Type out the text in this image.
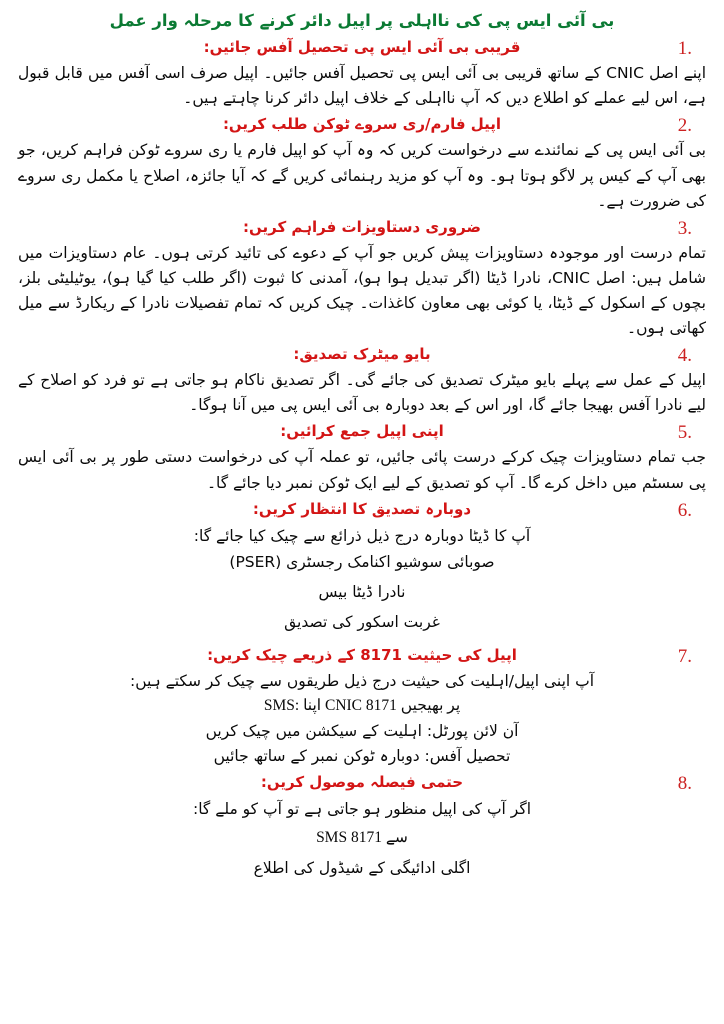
بی آئی ایس پی کی نااہلی پر اپیل دائر کرنے کا مرحلہ وار عمل
1.
قریبی بی آئی ایس پی تحصیل آفس جائیں:

اپنے اصل CNIC کے ساتھ قریبی بی آئی ایس پی تحصیل آفس جائیں۔ اپیل صرف اسی آفس میں قابل قبول ہے، اس لیے عملے کو اطلاع دیں کہ آپ نااہلی کے خلاف اپیل دائر کرنا چاہتے ہیں۔

2.
اپیل فارم/ری سروے ٹوکن طلب کریں:

بی آئی ایس پی کے نمائندے سے درخواست کریں کہ وہ آپ کو اپیل فارم یا ری سروے ٹوکن فراہم کریں، جو بھی آپ کے کیس پر لاگو ہوتا ہو۔ وہ آپ کو مزید رہنمائی کریں گے کہ آیا جائزہ، اصلاح یا مکمل ری سروے کی ضرورت ہے۔

3.
ضروری دستاویزات فراہم کریں:

تمام درست اور موجودہ دستاویزات پیش کریں جو آپ کے دعوے کی تائید کرتی ہوں۔ عام دستاویزات میں شامل ہیں: اصل CNIC، نادرا ڈیٹا (اگر تبدیل ہوا ہو)، آمدنی کا ثبوت (اگر طلب کیا گیا ہو)، یوٹیلیٹی بلز، بچوں کے اسکول کے ڈیٹا، یا کوئی بھی معاون کاغذات۔ چیک کریں کہ تمام تفصیلات نادرا کے ریکارڈ سے میل کھاتی ہوں۔

4.
بایو میٹرک تصدیق:

اپیل کے عمل سے پہلے بایو میٹرک تصدیق کی جائے گی۔ اگر تصدیق ناکام ہو جاتی ہے تو فرد کو اصلاح کے لیے نادرا آفس بھیجا جائے گا، اور اس کے بعد دوبارہ بی آئی ایس پی میں آنا ہوگا۔

5.
اپنی اپیل جمع کرائیں:

جب تمام دستاویزات چیک کرکے درست پائی جائیں، تو عملہ آپ کی درخواست دستی طور پر بی آئی ایس پی سسٹم میں داخل کرے گا۔ آپ کو تصدیق کے لیے ایک ٹوکن نمبر دیا جائے گا۔

6.
دوبارہ تصدیق کا انتظار کریں:
آپ کا ڈیٹا دوبارہ درج ذیل ذرائع سے چیک کیا جائے گا:
صوبائی سوشیو اکنامک رجسٹری (PSER)
نادرا ڈیٹا بیس
غربت اسکور کی تصدیق
7.
اپیل کی حیثیت 8171 کے ذریعے چیک کریں:
آپ اپنی اپیل/اہلیت کی حیثیت درج ذیل طریقوں سے چیک کر سکتے ہیں:
SMS: اپنا CNIC 8171 پر بھیجیں
آن لائن پورٹل: اہلیت کے سیکشن میں چیک کریں
تحصیل آفس: دوبارہ ٹوکن نمبر کے ساتھ جائیں
8.
حتمی فیصلہ موصول کریں:
اگر آپ کی اپیل منظور ہو جاتی ہے تو آپ کو ملے گا:
SMS سے 8171
اگلی ادائیگی کے شیڈول کی اطلاع
